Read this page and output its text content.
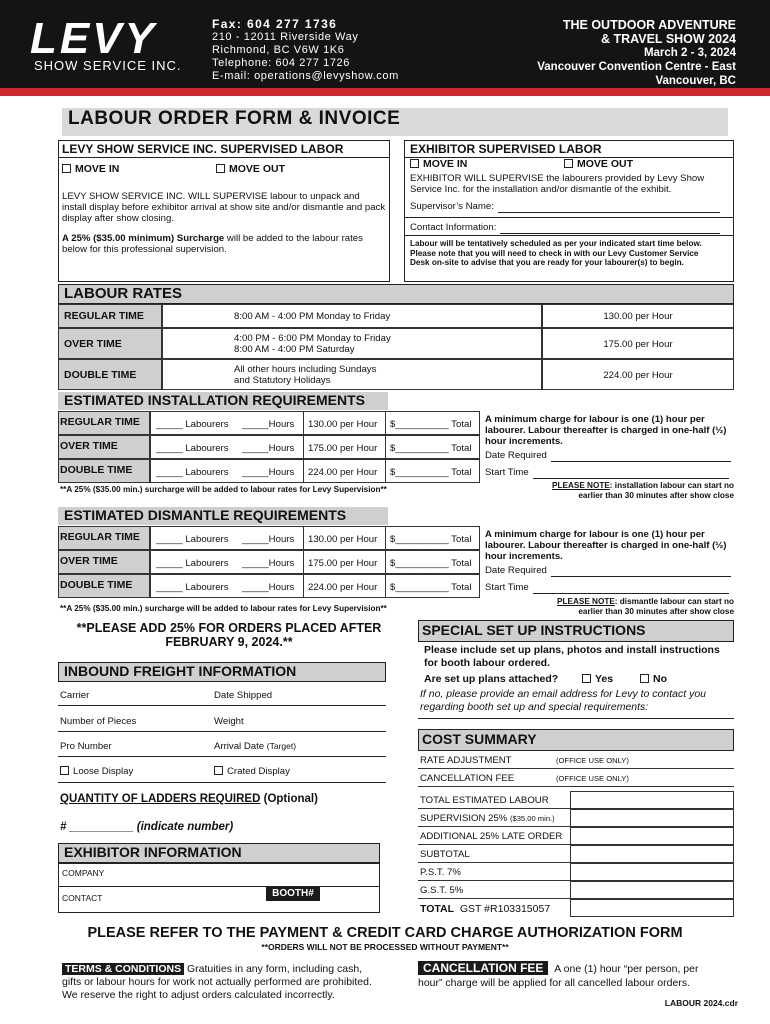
LEVY
SHOW SERVICE INC.
Fax: 604 277 1736
210 - 12011 Riverside Way
Richmond, BC V6W 1K6
Telephone: 604 277 1726
E-mail: operations@levyshow.com
THE OUTDOOR ADVENTURE
& TRAVEL SHOW 2024
March 2 - 3, 2024
Vancouver Convention Centre - East
Vancouver, BC
LABOUR ORDER FORM & INVOICE
LEVY SHOW SERVICE INC. SUPERVISED LABOR
MOVE IN	MOVE OUT
LEVY SHOW SERVICE INC. WILL SUPERVISE labour to unpack and install display before exhibitor arrival at show site and/or dismantle and pack display after show closing.
A 25% ($35.00 minimum) Surcharge will be added to the labour rates below for this professional supervision.
EXHIBITOR SUPERVISED LABOR
MOVE IN	MOVE OUT
EXHIBITOR WILL SUPERVISE the labourers provided by Levy Show Service Inc. for the installation and/or dismantle of the exhibit.
Supervisor’s Name:
Contact Information:
Labour will be tentatively scheduled as per your indicated start time below. Please note that you will need to check in with our Levy Customer Service Desk on-site to advise that you are ready for your labourer(s) to begin.
LABOUR RATES
REGULAR TIME	8:00 AM - 4:00 PM Monday to Friday	130.00 per Hour
OVER TIME	4:00 PM - 6:00 PM Monday to Friday
8:00 AM - 4:00 PM Saturday	175.00 per Hour
DOUBLE TIME	All other hours including Sundays
and Statutory Holidays	224.00 per Hour
ESTIMATED INSTALLATION REQUIREMENTS
REGULAR TIME _____ Labourers _____Hours 130.00 per Hour $__________ Total
OVER TIME	_____ Labourers _____Hours 175.00 per Hour $__________ Total
DOUBLE TIME _____ Labourers _____Hours 224.00 per Hour $__________ Total
A minimum charge for labour is one (1) hour per labourer. Labour thereafter is charged in one-half (½) hour increments.
Date Required
Start Time
PLEASE NOTE: installation labour can start no earlier than 30 minutes after show close
**A 25% ($35.00 min.) surcharge will be added to labour rates for Levy Supervision**
ESTIMATED DISMANTLE REQUIREMENTS
REGULAR TIME _____ Labourers _____Hours 130.00 per Hour $__________ Total
OVER TIME	_____ Labourers _____Hours 175.00 per Hour $__________ Total
DOUBLE TIME _____ Labourers _____Hours 224.00 per Hour $__________ Total
A minimum charge for labour is one (1) hour per labourer. Labour thereafter is charged in one-half (½) hour increments.
Date Required
Start Time
PLEASE NOTE: dismantle labour can start no earlier than 30 minutes after show close
**A 25% ($35.00 min.) surcharge will be added to labour rates for Levy Supervision**
**PLEASE ADD 25% FOR ORDERS PLACED AFTER
FEBRUARY 9, 2024.**
INBOUND FREIGHT INFORMATION
Carrier	Date Shipped
Number of Pieces	Weight
Pro Number	Arrival Date (Target)
Loose Display	Crated Display
QUANTITY OF LADDERS REQUIRED (Optional)
# __________ (indicate number)
EXHIBITOR INFORMATION
COMPANY
CONTACT	BOOTH#
SPECIAL SET UP INSTRUCTIONS
Please include set up plans, photos and install instructions for booth labour ordered.
Are set up plans attached?	Yes	No
If no, please provide an email address for Levy to contact you regarding booth set up and special requirements:
COST SUMMARY
RATE ADJUSTMENT	(OFFICE USE ONLY)
CANCELLATION FEE	(OFFICE USE ONLY)
TOTAL ESTIMATED LABOUR
SUPERVISION 25% ($35.00 min.)
ADDITIONAL 25% LATE ORDER
SUBTOTAL
P.S.T. 7%
G.S.T. 5%
TOTAL GST #R103315057
PLEASE REFER TO THE PAYMENT & CREDIT CARD CHARGE AUTHORIZATION FORM
**ORDERS WILL NOT BE PROCESSED WITHOUT PAYMENT**
TERMS & CONDITIONS Gratuities in any form, including cash,
gifts or labour hours for work not actually performed are prohibited.
We reserve the right to adjust orders calculated incorrectly.
CANCELLATION FEE A one (1) hour “per person, per
hour” charge will be applied for all cancelled labour orders.
LABOUR 2024.cdr
